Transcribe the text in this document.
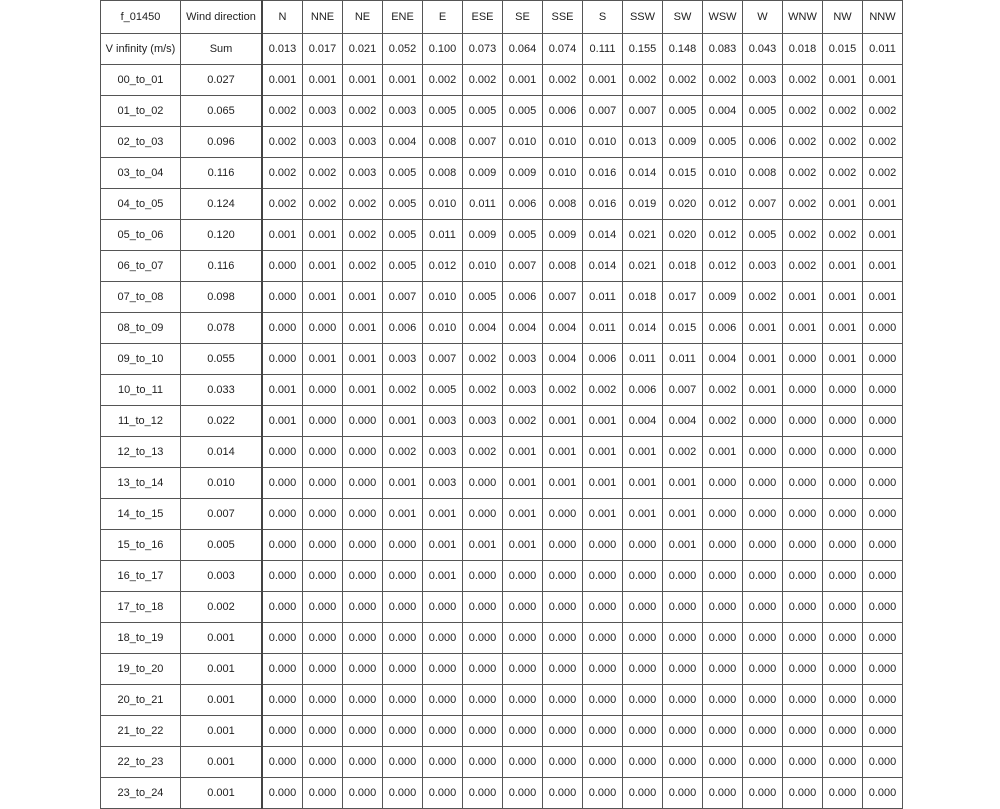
f_01450	Wind direction	N	NNE	NE	ENE	E	ESE	SE	SSE	S	SSW	SW	WSW	W	WNW	NW	NNW
V infinity (m/s)	Sum	0.013	0.017	0.021	0.052	0.100	0.073	0.064	0.074	0.111	0.155	0.148	0.083	0.043	0.018	0.015	0.011
00_to_01	0.027	0.001	0.001	0.001	0.001	0.002	0.002	0.001	0.002	0.001	0.002	0.002	0.002	0.003	0.002	0.001	0.001
01_to_02	0.065	0.002	0.003	0.002	0.003	0.005	0.005	0.005	0.006	0.007	0.007	0.005	0.004	0.005	0.002	0.002	0.002
02_to_03	0.096	0.002	0.003	0.003	0.004	0.008	0.007	0.010	0.010	0.010	0.013	0.009	0.005	0.006	0.002	0.002	0.002
03_to_04	0.116	0.002	0.002	0.003	0.005	0.008	0.009	0.009	0.010	0.016	0.014	0.015	0.010	0.008	0.002	0.002	0.002
04_to_05	0.124	0.002	0.002	0.002	0.005	0.010	0.011	0.006	0.008	0.016	0.019	0.020	0.012	0.007	0.002	0.001	0.001
05_to_06	0.120	0.001	0.001	0.002	0.005	0.011	0.009	0.005	0.009	0.014	0.021	0.020	0.012	0.005	0.002	0.002	0.001
06_to_07	0.116	0.000	0.001	0.002	0.005	0.012	0.010	0.007	0.008	0.014	0.021	0.018	0.012	0.003	0.002	0.001	0.001
07_to_08	0.098	0.000	0.001	0.001	0.007	0.010	0.005	0.006	0.007	0.011	0.018	0.017	0.009	0.002	0.001	0.001	0.001
08_to_09	0.078	0.000	0.000	0.001	0.006	0.010	0.004	0.004	0.004	0.011	0.014	0.015	0.006	0.001	0.001	0.001	0.000
09_to_10	0.055	0.000	0.001	0.001	0.003	0.007	0.002	0.003	0.004	0.006	0.011	0.011	0.004	0.001	0.000	0.001	0.000
10_to_11	0.033	0.001	0.000	0.001	0.002	0.005	0.002	0.003	0.002	0.002	0.006	0.007	0.002	0.001	0.000	0.000	0.000
11_to_12	0.022	0.001	0.000	0.000	0.001	0.003	0.003	0.002	0.001	0.001	0.004	0.004	0.002	0.000	0.000	0.000	0.000
12_to_13	0.014	0.000	0.000	0.000	0.002	0.003	0.002	0.001	0.001	0.001	0.001	0.002	0.001	0.000	0.000	0.000	0.000
13_to_14	0.010	0.000	0.000	0.000	0.001	0.003	0.000	0.001	0.001	0.001	0.001	0.001	0.000	0.000	0.000	0.000	0.000
14_to_15	0.007	0.000	0.000	0.000	0.001	0.001	0.000	0.001	0.000	0.001	0.001	0.001	0.000	0.000	0.000	0.000	0.000
15_to_16	0.005	0.000	0.000	0.000	0.000	0.001	0.001	0.001	0.000	0.000	0.000	0.001	0.000	0.000	0.000	0.000	0.000
16_to_17	0.003	0.000	0.000	0.000	0.000	0.001	0.000	0.000	0.000	0.000	0.000	0.000	0.000	0.000	0.000	0.000	0.000
17_to_18	0.002	0.000	0.000	0.000	0.000	0.000	0.000	0.000	0.000	0.000	0.000	0.000	0.000	0.000	0.000	0.000	0.000
18_to_19	0.001	0.000	0.000	0.000	0.000	0.000	0.000	0.000	0.000	0.000	0.000	0.000	0.000	0.000	0.000	0.000	0.000
19_to_20	0.001	0.000	0.000	0.000	0.000	0.000	0.000	0.000	0.000	0.000	0.000	0.000	0.000	0.000	0.000	0.000	0.000
20_to_21	0.001	0.000	0.000	0.000	0.000	0.000	0.000	0.000	0.000	0.000	0.000	0.000	0.000	0.000	0.000	0.000	0.000
21_to_22	0.001	0.000	0.000	0.000	0.000	0.000	0.000	0.000	0.000	0.000	0.000	0.000	0.000	0.000	0.000	0.000	0.000
22_to_23	0.001	0.000	0.000	0.000	0.000	0.000	0.000	0.000	0.000	0.000	0.000	0.000	0.000	0.000	0.000	0.000	0.000
23_to_24	0.001	0.000	0.000	0.000	0.000	0.000	0.000	0.000	0.000	0.000	0.000	0.000	0.000	0.000	0.000	0.000	0.000
